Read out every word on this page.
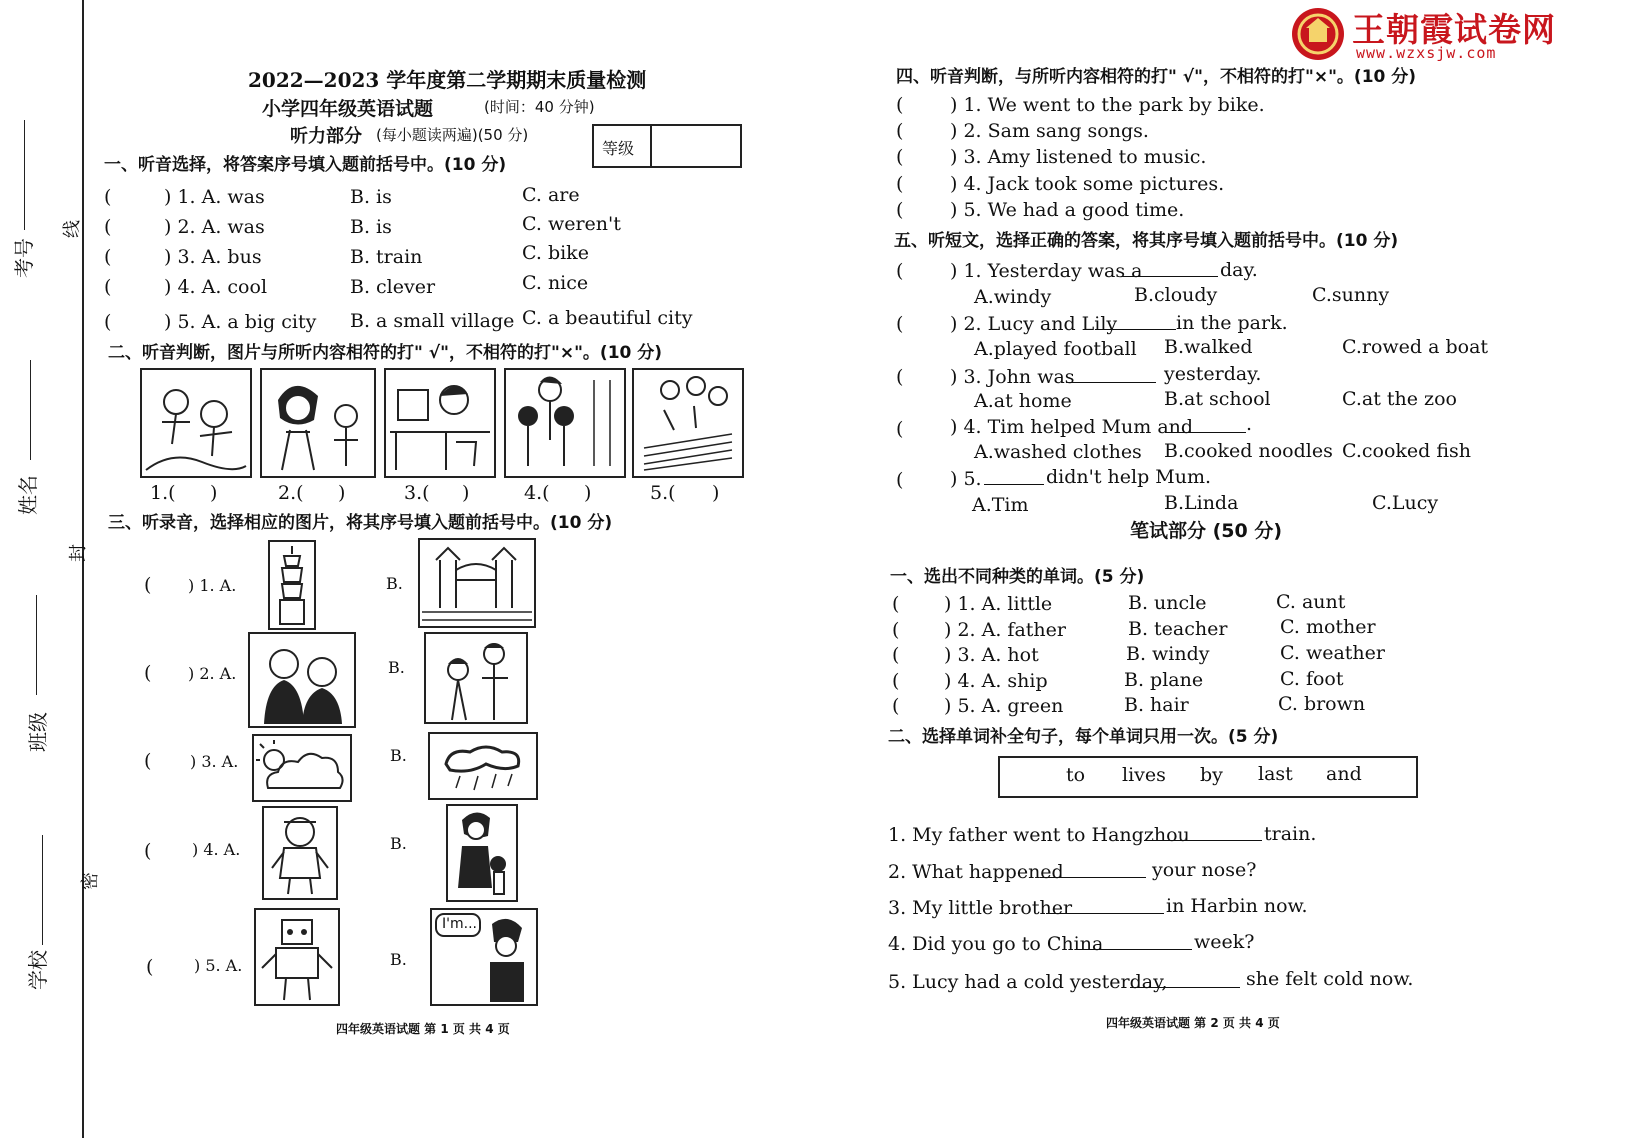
考号
姓名
班级
学校
线
封
密
王朝霞试卷网
www.wzxsjw.com
2022—2023 学年度第二学期期末质量检测
小学四年级英语试题	(时间：40 分钟)
听力部分 (每小题读两遍)(50 分)
等级
一、听音选择，将答案序号填入题前括号中。(10 分)
(	) 1. A. was	B. is	C. are
(	) 2. A. was	B. is	C. weren't
(	) 3. A. bus	B. train	C. bike
(	) 4. A. cool	B. clever	C. nice
(	) 5. A. a big city B. a small village C. a beautiful city
二、听音判断，图片与所听内容相符的打" √"，不相符的打"×"。(10 分)
1.( )	2.( )	3.( )	4.( )	5.( )
三、听录音，选择相应的图片，将其序号填入题前括号中。(10 分)
( ) 1. A.	B.
( ) 2. A.	B.
( ) 3. A.	B.
(	) 4. A.	B.
(	) 5. A.	B.
I'm...
四年级英语试题 第 1 页 共 4 页
四、听音判断，与所听内容相符的打" √"，不相符的打"×"。(10 分)
( ) 1. We went to the park by bike.
( ) 2. Sam sang songs.
( ) 3. Amy listened to music.
( ) 4. Jack took some pictures.
( ) 5. We had a good time.
五、听短文，选择正确的答案，将其序号填入题前括号中。(10 分)
( ) 1. Yesterday was a	day.
A.windy	B.cloudy	C.sunny
( ) 2. Lucy and Lily	in the park.
A.played football B.walked	C.rowed a boat
( ) 3. John was	yesterday.
A.at home	B.at school	C.at the zoo
( ) 4. Tim helped Mum and	.
A.washed clothes B.cooked noodles C.cooked fish
( ) 5.	didn't help Mum.
A.Tim	B.Linda	C.Lucy
笔试部分 (50 分)
一、选出不同种类的单词。(5 分)
( ) 1. A. little	B. uncle	C. aunt
( ) 2. A. father	B. teacher	C. mother
( ) 3. A. hot	B. windy	C. weather
( ) 4. A. ship	B. plane	C. foot
( ) 5. A. green	B. hair	C. brown
二、选择单词补全句子，每个单词只用一次。(5 分)
to lives by last and
1. My father went to Hangzhou	train.
2. What happened	your nose?
3. My little brother	in Harbin now.
4. Did you go to China	week?
5. Lucy had a cold yesterday,	she felt cold now.
四年级英语试题 第 2 页 共 4 页
